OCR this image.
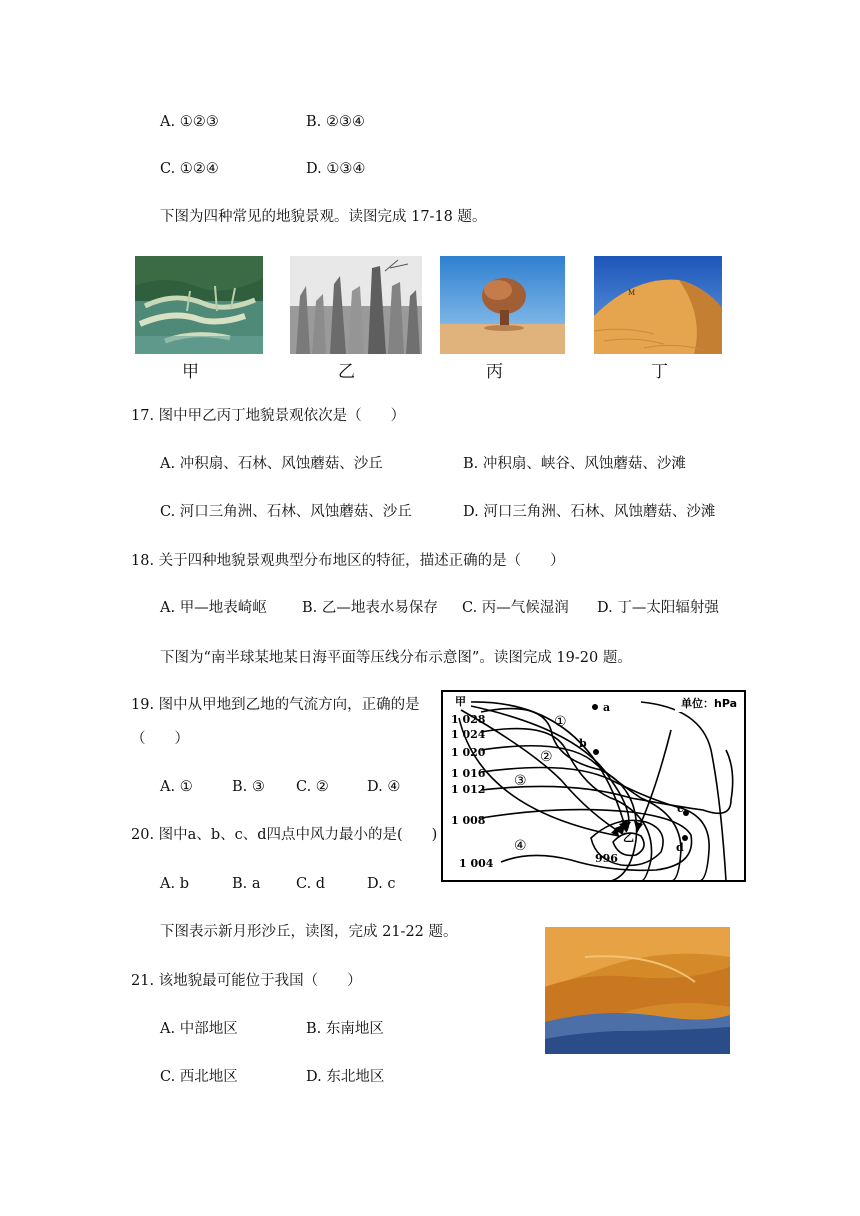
A. ①②③	B. ②③④
C. ①②④	D. ①③④
下图为四种常见的地貌景观。读图完成 17-18 题。
M
甲	乙	丙	丁
17. 图中甲乙丙丁地貌景观依次是（　　）
A. 冲积扇、石林、风蚀蘑菇、沙丘	B. 冲积扇、峡谷、风蚀蘑菇、沙滩
C. 河口三角洲、石林、风蚀蘑菇、沙丘	D. 河口三角洲、石林、风蚀蘑菇、沙滩
18. 关于四种地貌景观典型分布地区的特征，描述正确的是（　　）
A. 甲—地表崎岖 B. 乙—地表水易保存 C. 丙—气候湿润 D. 丁—太阳辐射强
下图为“南半球某地某日海平面等压线分布示意图”。读图完成 19-20 题。
19. 图中从甲地到乙地的气流方向，正确的是
（　　）
A. ①	B. ③ C. ②	D. ④
20. 图中a、b、c、d四点中风力最小的是(　　)
A. b	B. a C. d	D. c
单位：hPa
甲
1 028
1 024
1 020
1 016
1 012
1 008
1 004
乙
996
①
②
③
④
a
b
c
d
下图表示新月形沙丘，读图，完成 21-22 题。
21. 该地貌最可能位于我国（　　）
A. 中部地区	B. 东南地区
C. 西北地区	D. 东北地区
